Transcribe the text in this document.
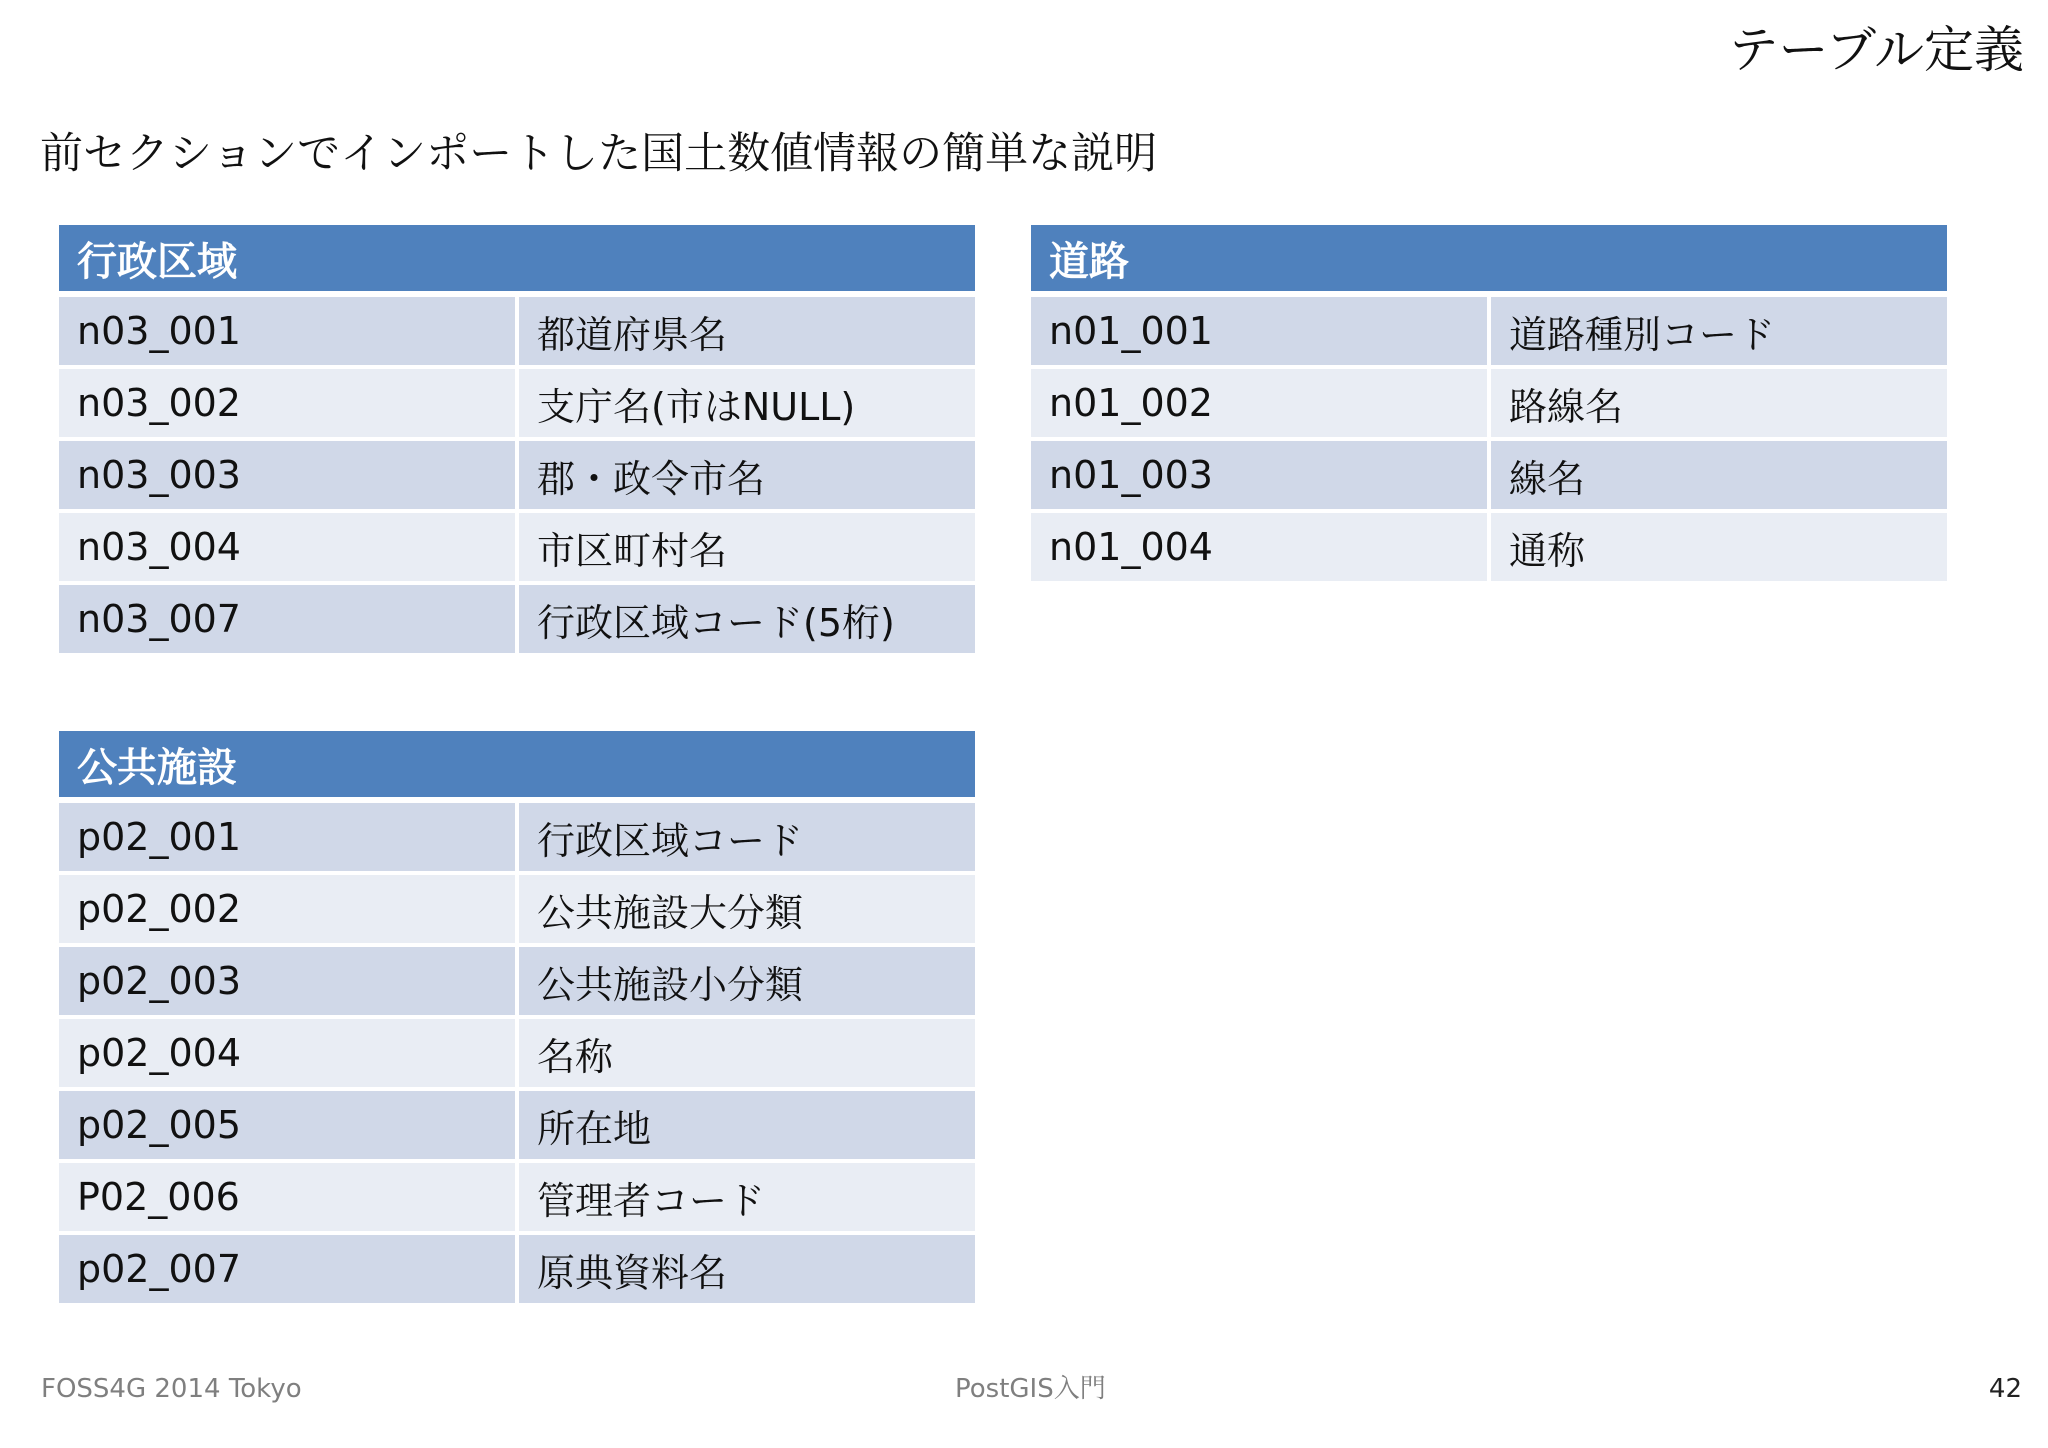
テーブル定義
前セクションでインポートした国土数値情報の簡単な説明
行政区域	
n03_001	都道府県名
n03_002	支庁名(市はNULL)
n03_003	郡・政令市名
n03_004	市区町村名
n03_007	行政区域コード(5桁)
道路	
n01_001	道路種別コード
n01_002	路線名
n01_003	線名
n01_004	通称
公共施設	
p02_001	行政区域コード
p02_002	公共施設大分類
p02_003	公共施設小分類
p02_004	名称
p02_005	所在地
P02_006	管理者コード
p02_007	原典資料名
FOSS4G 2014 Tokyo	PostGIS入門	42
